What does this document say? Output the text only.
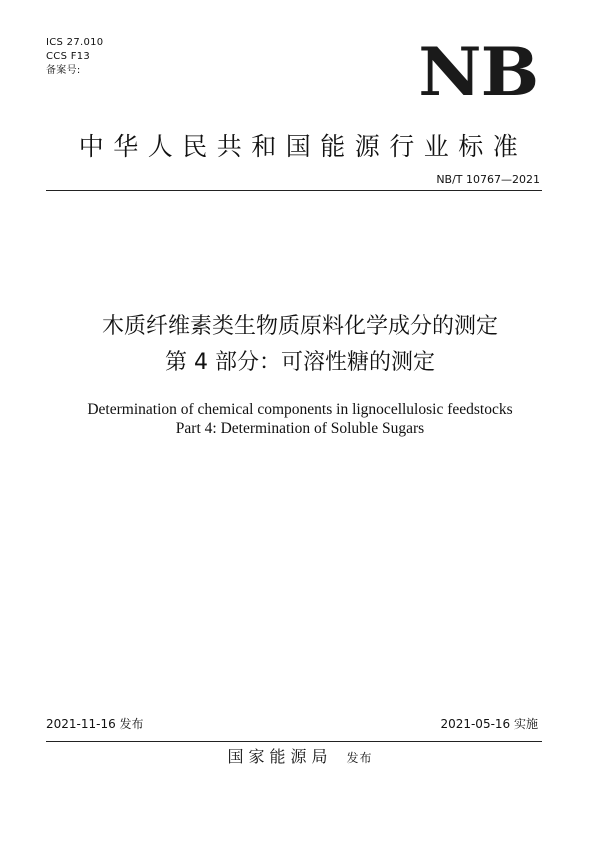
ICS 27.010
CCS F13
备案号:	NB
中华人民共和国能源行业标准
NB/T 10767—2021
木质纤维素类生物质原料化学成分的测定
第 4 部分：可溶性糖的测定
Determination of chemical components in lignocellulosic feedstocks
Part 4: Determination of Soluble Sugars
2021-11-16 发布	2021-05-16 实施
国家能源局 发布
